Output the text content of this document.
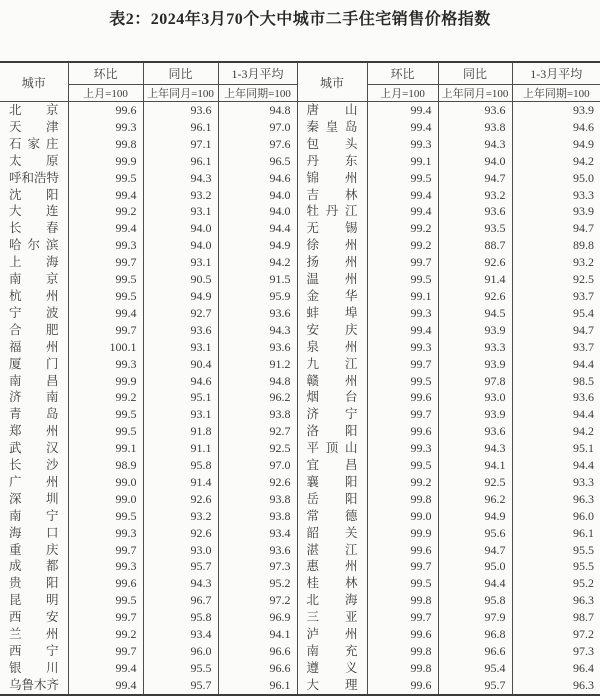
表2：2024年3月70个大中城市二手住宅销售价格指数
城市	环比	同比	1-3月平均	城市	环比	同比	1-3月平均
	上月=100	上年同月=100	上年同期=100		上月=100	上年同月=100	上年同期=100
北京	99.6	93.6	94.8	唐山	99.4	93.6	93.9
天津	99.3	96.1	97.0	秦皇岛	99.4	93.8	94.6
石家庄	99.8	97.1	97.6	包头	99.3	94.3	94.9
太原	99.9	96.1	96.5	丹东	99.1	94.0	94.2
呼和浩特	99.5	94.3	94.6	锦州	99.5	94.7	95.0
沈阳	99.4	93.2	94.0	吉林	99.4	93.2	93.3
大连	99.2	93.1	94.0	牡丹江	99.4	93.6	93.9
长春	99.4	94.0	94.4	无锡	99.2	93.5	94.7
哈尔滨	99.3	94.0	94.9	徐州	99.2	88.7	89.8
上海	99.7	93.1	94.2	扬州	99.7	92.6	93.2
南京	99.5	90.5	91.5	温州	99.5	91.4	92.5
杭州	99.5	94.9	95.9	金华	99.1	92.6	93.7
宁波	99.4	92.7	93.6	蚌埠	99.3	94.5	95.4
合肥	99.7	93.6	94.3	安庆	99.4	93.9	94.7
福州	100.1	93.1	93.6	泉州	99.3	93.3	93.7
厦门	99.3	90.4	91.2	九江	99.7	93.9	94.4
南昌	99.9	94.6	94.8	赣州	99.5	97.8	98.5
济南	99.2	95.1	96.2	烟台	99.6	93.0	93.6
青岛	99.5	93.1	93.8	济宁	99.7	93.9	94.4
郑州	99.5	91.8	92.7	洛阳	99.6	93.6	94.2
武汉	99.1	91.1	92.5	平顶山	99.3	94.3	95.1
长沙	98.9	95.8	97.0	宜昌	99.5	94.1	94.4
广州	99.0	91.4	92.6	襄阳	99.2	92.5	93.3
深圳	99.0	92.6	93.8	岳阳	99.8	96.2	96.3
南宁	99.5	93.2	93.8	常德	99.0	94.9	96.0
海口	99.3	92.6	93.4	韶关	99.9	95.6	96.1
重庆	99.7	93.0	93.6	湛江	99.6	94.7	95.5
成都	99.3	95.7	97.3	惠州	99.7	95.0	95.5
贵阳	99.6	94.3	95.2	桂林	99.5	94.4	95.2
昆明	99.5	96.7	97.2	北海	99.8	95.8	96.3
西安	99.7	95.8	96.9	三亚	99.7	97.9	98.7
兰州	99.2	93.4	94.1	泸州	99.6	96.8	97.2
西宁	99.7	96.0	96.6	南充	99.8	96.6	97.3
银川	99.4	95.5	96.6	遵义	99.8	95.4	96.4
乌鲁木齐	99.4	95.7	96.1	大理	99.6	95.7	96.3
